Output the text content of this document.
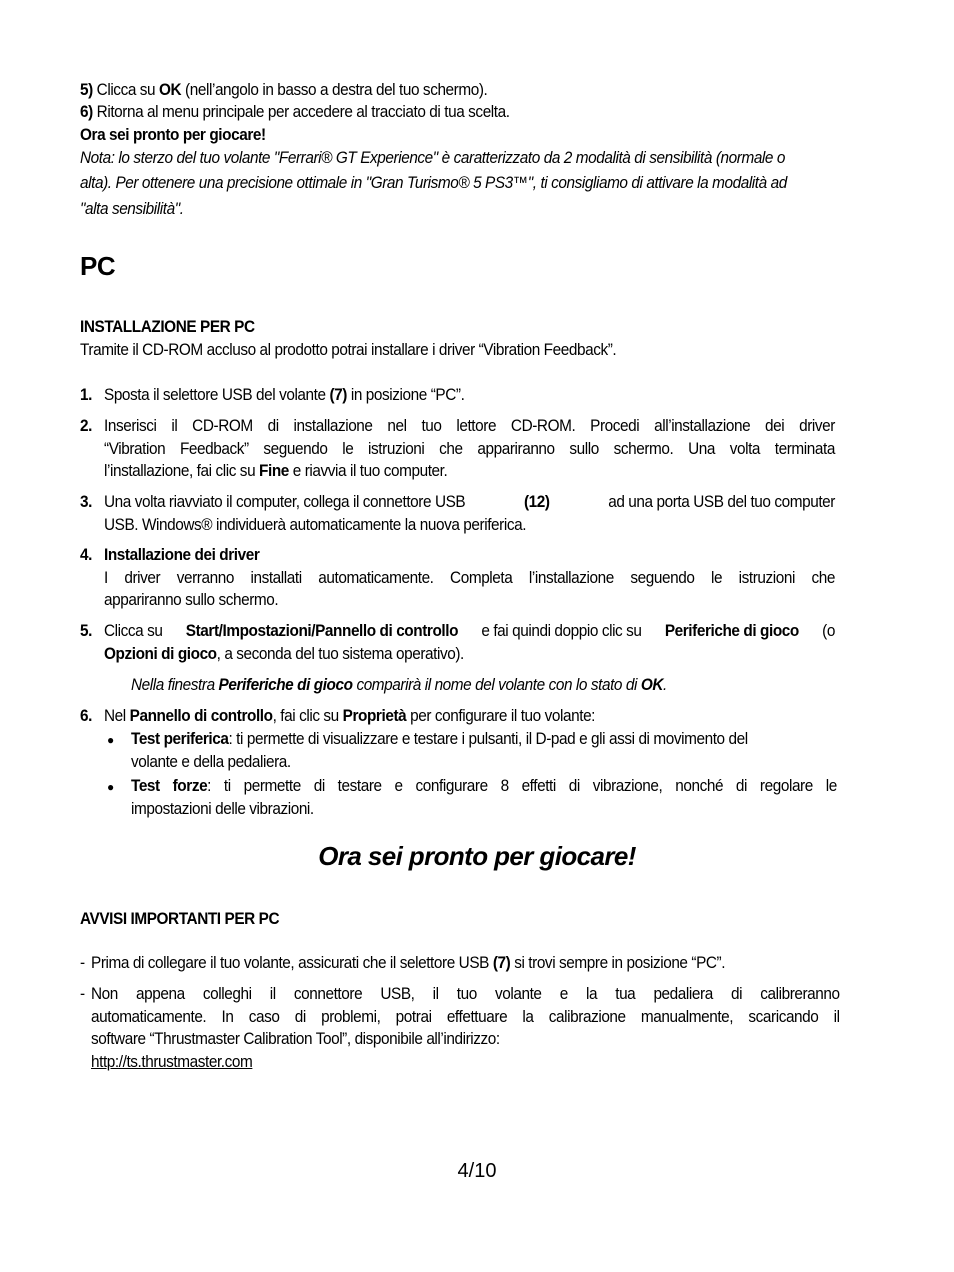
5) Clicca su OK (nell’angolo in basso a destra del tuo schermo).
6) Ritorna al menu principale per accedere al tracciato di tua scelta.
Ora sei pronto per giocare!
Nota: lo sterzo del tuo volante "Ferrari® GT Experience" è caratterizzato da 2 modalità di sensibilità (normale o
alta). Per ottenere una precisione ottimale in "Gran Turismo® 5 PS3™", ti consigliamo di attivare la modalità ad
"alta sensibilità".
PC
INSTALLAZIONE PER PC
Tramite il CD-ROM accluso al prodotto potrai installare i driver “Vibration Feedback”.
1. Sposta il selettore USB del volante (7) in posizione “PC”.
2. Inserisci il CD-ROM di installazione nel tuo lettore CD-ROM. Procedi all’installazione dei driver
“Vibration Feedback” seguendo le istruzioni che appariranno sullo schermo. Una volta terminata
l’installazione, fai clic su Fine e riavvia il tuo computer.
3. Una volta riavviato il computer, collega il connettore USB	(12)	ad una porta USB del tuo computer
USB. Windows® individuerà automaticamente la nuova periferica.
4. Installazione dei driver
I driver verranno installati automaticamente. Completa l’installazione seguendo le istruzioni che
appariranno sullo schermo.
5. Clicca su Start/Impostazioni/Pannello di controllo e fai quindi doppio clic su Periferiche di gioco (o
Opzioni di gioco, a seconda del tuo sistema operativo).
Nella finestra Periferiche di gioco comparirà il nome del volante con lo stato di OK.
6. Nel Pannello di controllo, fai clic su Proprietà per configurare il tuo volante:
● Test periferica: ti permette di visualizzare e testare i pulsanti, il D-pad e gli assi di movimento del
volante e della pedaliera.
● Test forze: ti permette di testare e configurare 8 effetti di vibrazione, nonché di regolare le
impostazioni delle vibrazioni.
Ora sei pronto per giocare!
AVVISI IMPORTANTI PER PC
- Prima di collegare il tuo volante, assicurati che il selettore USB (7) si trovi sempre in posizione “PC”.
- Non appena colleghi il connettore USB, il tuo volante e la tua pedaliera di calibreranno
automaticamente. In caso di problemi, potrai effettuare la calibrazione manualmente, scaricando il
software “Thrustmaster Calibration Tool”, disponibile all’indirizzo:
http://ts.thrustmaster.com
4/10
